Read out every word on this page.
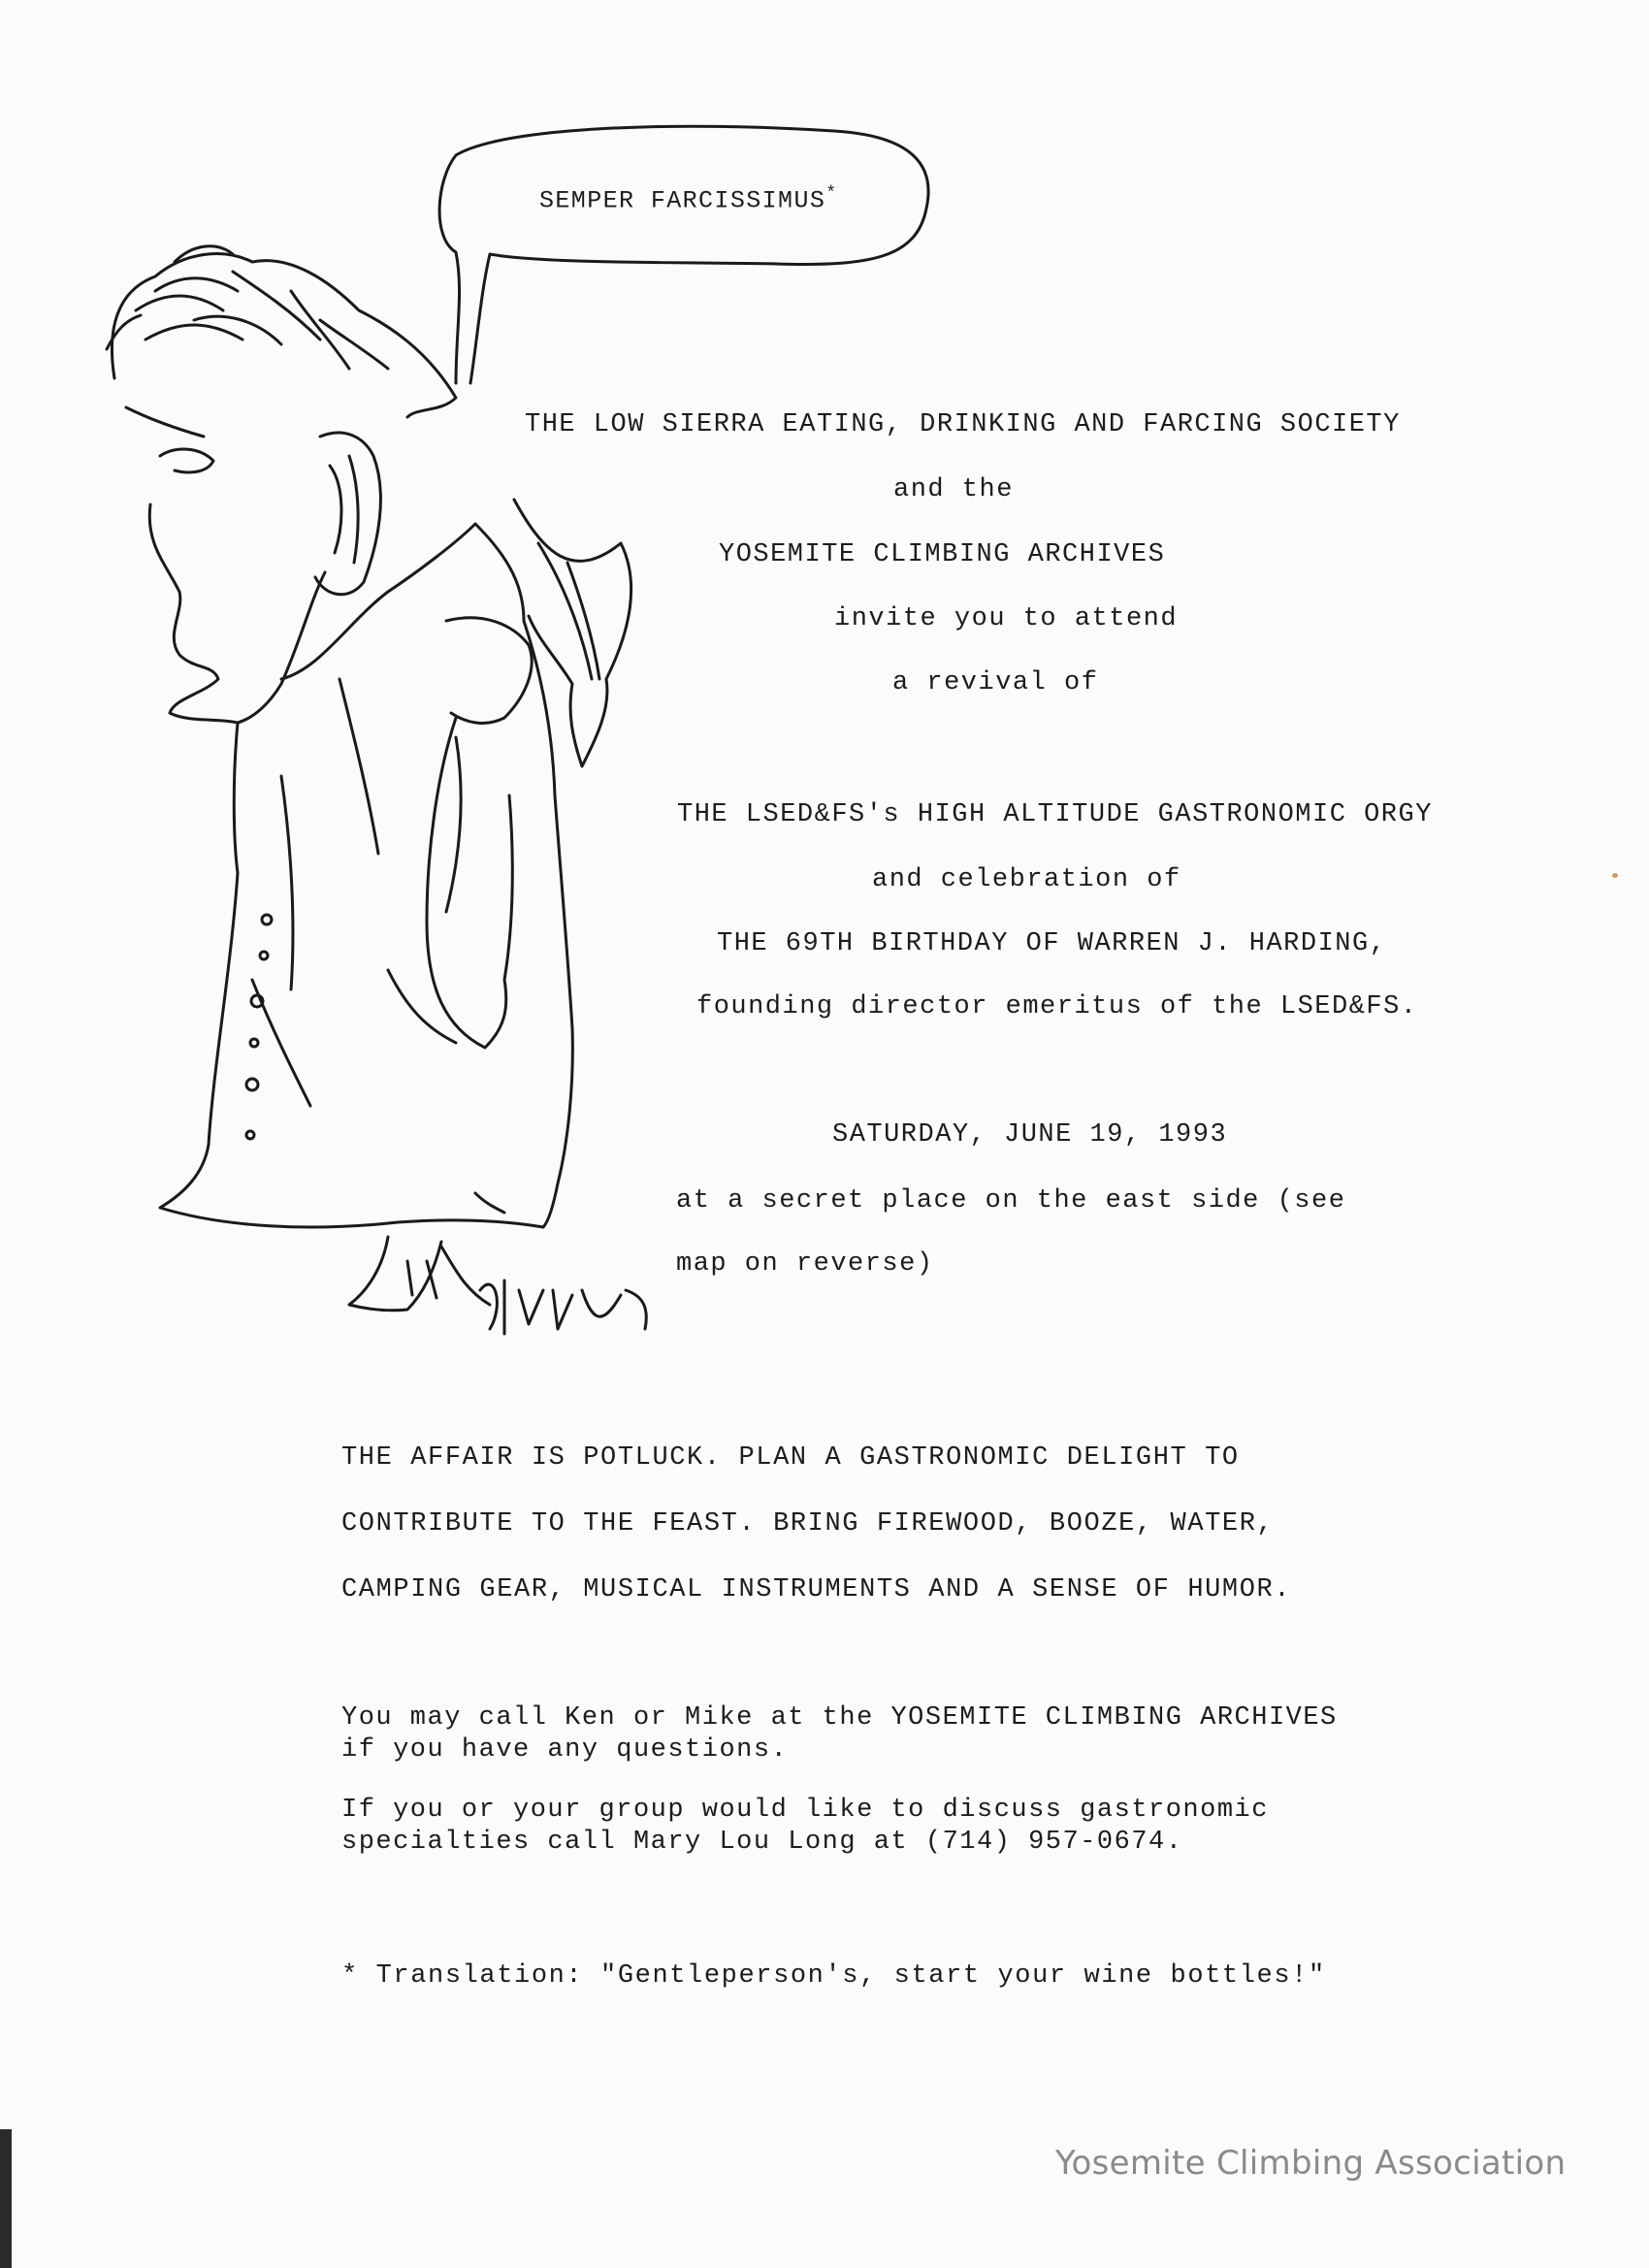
SEMPER FARCISSIMUS*
THE LOW SIERRA EATING, DRINKING AND FARCING SOCIETY
and the
YOSEMITE CLIMBING ARCHIVES
invite you to attend
a revival of
THE LSED&FS's HIGH ALTITUDE GASTRONOMIC ORGY
and celebration of
THE 69TH BIRTHDAY OF WARREN J. HARDING,
founding director emeritus of the LSED&FS.
SATURDAY, JUNE 19, 1993
at a secret place on the east side (see
map on reverse)
THE AFFAIR IS POTLUCK. PLAN A GASTRONOMIC DELIGHT TO
CONTRIBUTE TO THE FEAST. BRING FIREWOOD, BOOZE, WATER,
CAMPING GEAR, MUSICAL INSTRUMENTS AND A SENSE OF HUMOR.
You may call Ken or Mike at the YOSEMITE CLIMBING ARCHIVES
if you have any questions.
If you or your group would like to discuss gastronomic
specialties call Mary Lou Long at (714) 957-0674.
* Translation: "Gentleperson's, start your wine bottles!"
Yosemite Climbing Association
